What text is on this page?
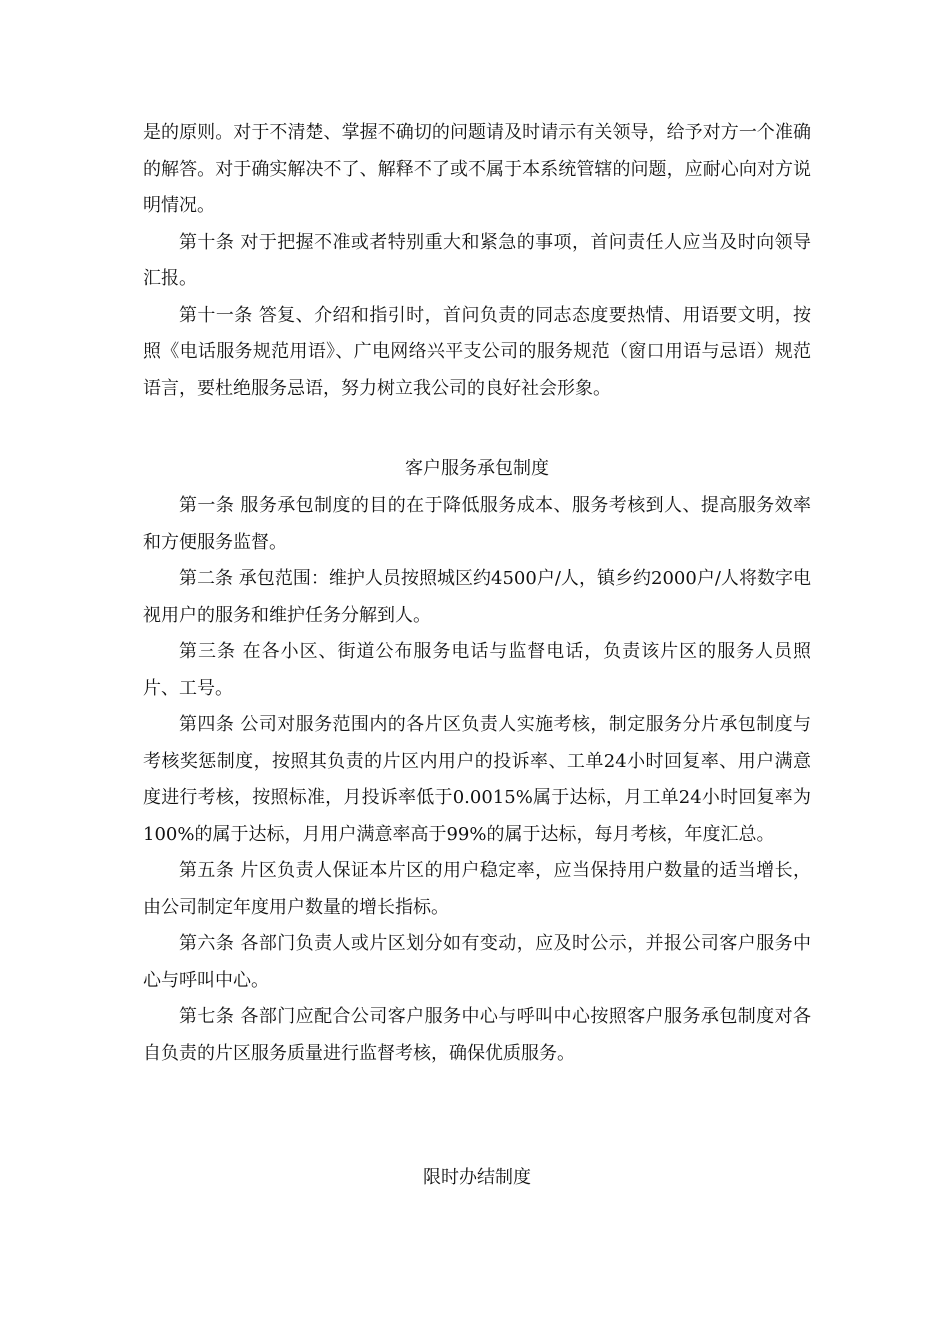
是的原则。对于不清楚、掌握不确切的问题请及时请示有关领导，给予对方一个准确的解答。对于确实解决不了、解释不了或不属于本系统管辖的问题，应耐心向对方说明情况。

第十条 对于把握不准或者特别重大和紧急的事项，首问责任人应当及时向领导汇报。

第十一条 答复、介绍和指引时，首问负责的同志态度要热情、用语要文明，按照《电话服务规范用语》、广电网络兴平支公司的服务规范（窗口用语与忌语）规范语言，要杜绝服务忌语，努力树立我公司的良好社会形象。

客户服务承包制度

第一条 服务承包制度的目的在于降低服务成本、服务考核到人、提高服务效率和方便服务监督。

第二条 承包范围：维护人员按照城区约4500户/人，镇乡约2000户/人将数字电视用户的服务和维护任务分解到人。

第三条 在各小区、街道公布服务电话与监督电话，负责该片区的服务人员照片、工号。

第四条 公司对服务范围内的各片区负责人实施考核，制定服务分片承包制度与考核奖惩制度，按照其负责的片区内用户的投诉率、工单24小时回复率、用户满意度进行考核，按照标准，月投诉率低于0.0015%属于达标，月工单24小时回复率为100%的属于达标，月用户满意率高于99%的属于达标，每月考核，年度汇总。

第五条 片区负责人保证本片区的用户稳定率，应当保持用户数量的适当增长，由公司制定年度用户数量的增长指标。

第六条 各部门负责人或片区划分如有变动，应及时公示，并报公司客户服务中心与呼叫中心。

第七条 各部门应配合公司客户服务中心与呼叫中心按照客户服务承包制度对各自负责的片区服务质量进行监督考核，确保优质服务。

限时办结制度
